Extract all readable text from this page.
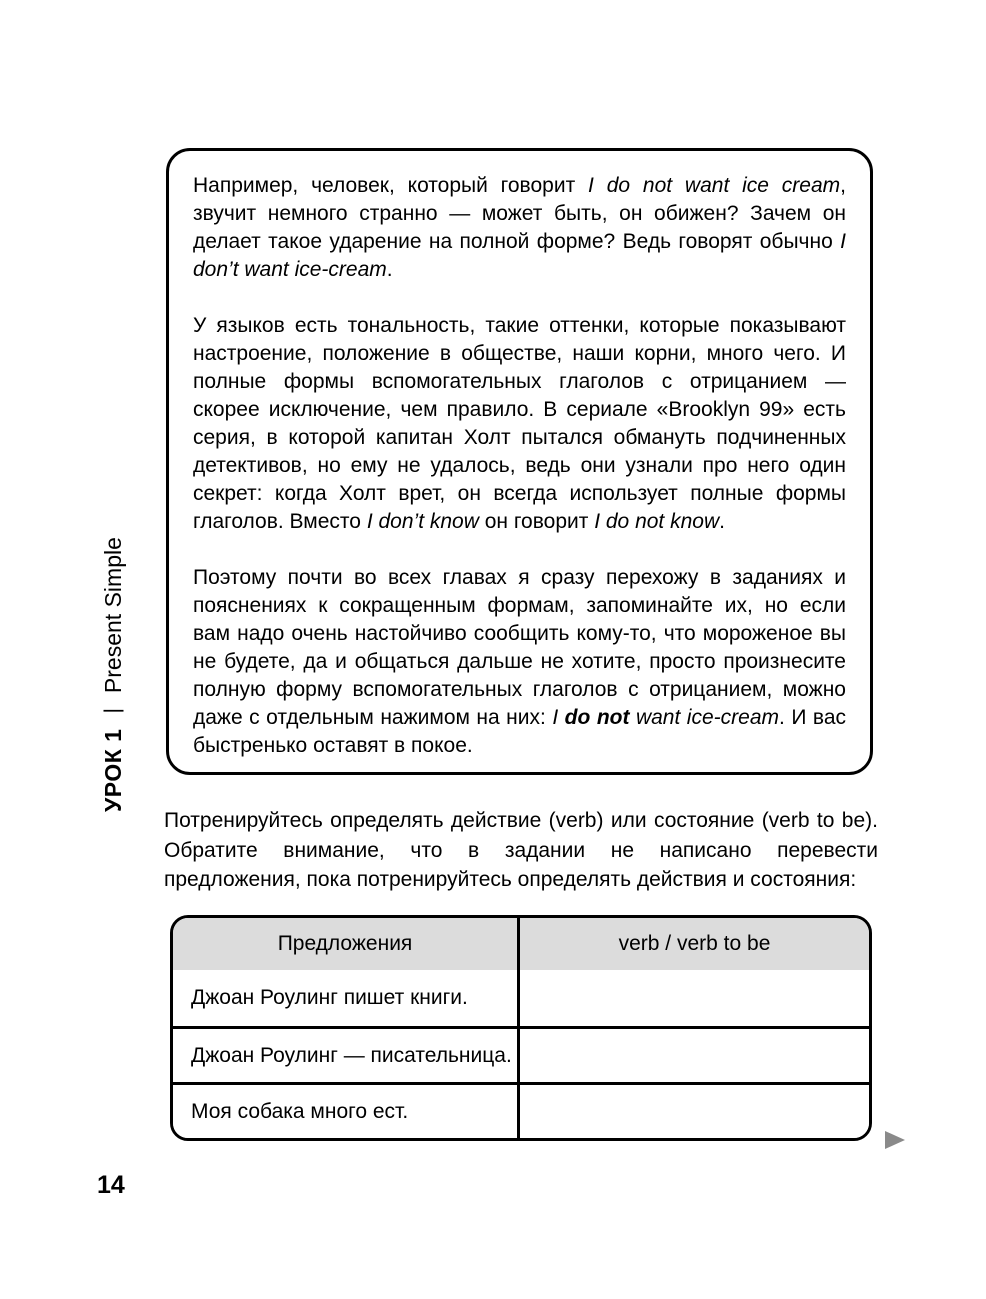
УРОК 1
|
Present Simple

Например, человек, который говорит I do not want ice cream, звучит немного странно — может быть, он обижен? Зачем он делает такое ударение на полной форме? Ведь говорят обычно I don’t want ice-cream.

У языков есть тональность, такие оттенки, которые показывают настроение, положение в обществе, наши корни, много чего. И полные формы вспомогательных глаголов с отрицанием — скорее исключение, чем правило. В сериале «Brooklyn 99» есть серия, в которой капитан Холт пытался обмануть подчиненных детективов, но ему не удалось, ведь они узнали про него один секрет: когда Холт врет, он всегда использует полные формы глаголов. Вместо I don’t know он говорит I do not know.

Поэтому почти во всех главах я сразу перехожу в заданиях и пояснениях к сокращенным формам, запоминайте их, но если вам надо очень настойчиво сообщить кому-то, что мороженое вы не будете, да и общаться дальше не хотите, просто произнесите полную форму вспомогательных глаголов с отрицанием, можно даже с отдельным нажимом на них: I do not want ice-cream. И вас быстренько оставят в покое.

Потренируйтесь определять действие (verb) или состояние (verb to be). Обратите внимание, что в задании не написано перевести предложения, пока потренируйтесь определять действия и состояния:
Предложения	verb / verb to be
Джоан Роулинг пишет книги.
Джоан Роулинг — писательница.
Моя собака много ест.
14
